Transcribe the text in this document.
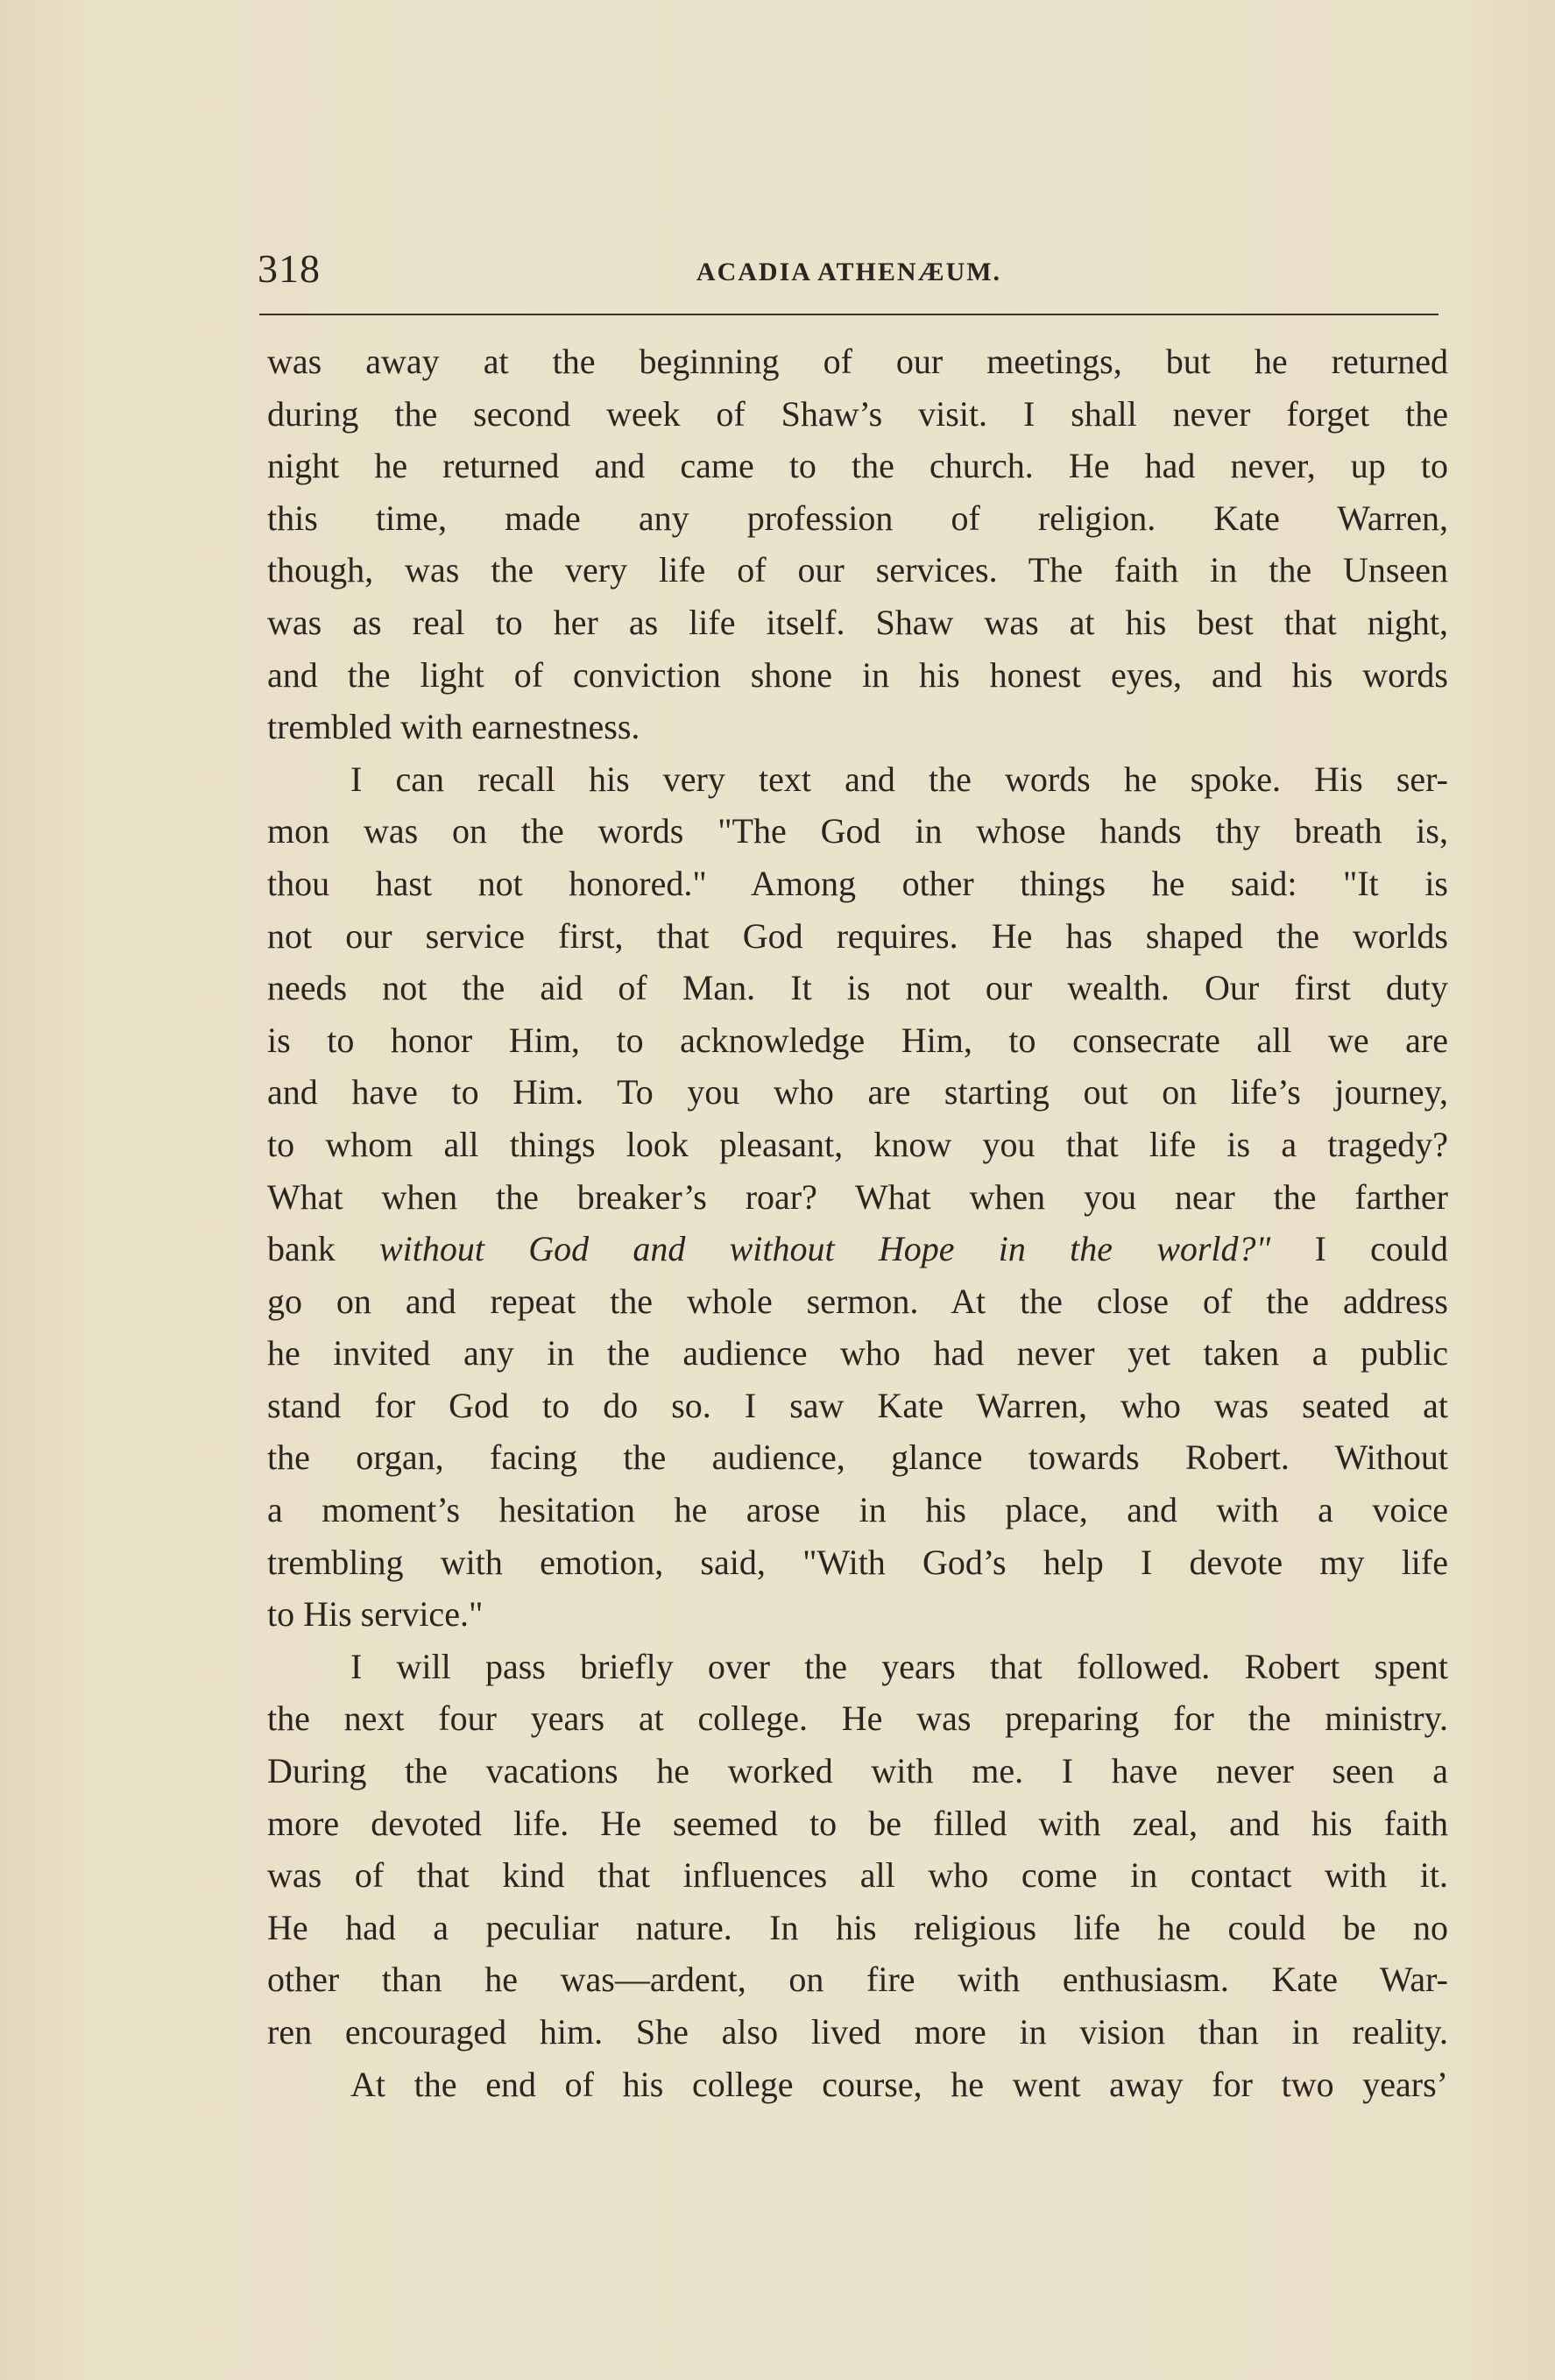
318	ACADIA ATHENÆUM.
was away at the beginning of our meetings, but he returned
during the second week of Shaw’s visit. I shall never forget the
night he returned and came to the church. He had never, up to
this time, made any profession of religion. Kate Warren,
though, was the very life of our services. The faith in the Unseen
was as real to her as life itself. Shaw was at his best that night,
and the light of conviction shone in his honest eyes, and his words
trembled with earnestness.
I can recall his very text and the words he spoke. His ser-
mon was on the words "The God in whose hands thy breath is,
thou hast not honored." Among other things he said: "It is
not our service first, that God requires. He has shaped the worlds
needs not the aid of Man. It is not our wealth. Our first duty
is to honor Him, to acknowledge Him, to consecrate all we are
and have to Him. To you who are starting out on life’s journey,
to whom all things look pleasant, know you that life is a tragedy?
What when the breaker’s roar? What when you near the farther
bank without God and without Hope in the world?" I could
go on and repeat the whole sermon. At the close of the address
he invited any in the audience who had never yet taken a public
stand for God to do so. I saw Kate Warren, who was seated at
the organ, facing the audience, glance towards Robert. Without
a moment’s hesitation he arose in his place, and with a voice
trembling with emotion, said, "With God’s help I devote my life
to His service."
I will pass briefly over the years that followed. Robert spent
the next four years at college. He was preparing for the ministry.
During the vacations he worked with me. I have never seen a
more devoted life. He seemed to be filled with zeal, and his faith
was of that kind that influences all who come in contact with it.
He had a peculiar nature. In his religious life he could be no
other than he was—ardent, on fire with enthusiasm. Kate War-
ren encouraged him. She also lived more in vision than in reality.
At the end of his college course, he went away for two years’
